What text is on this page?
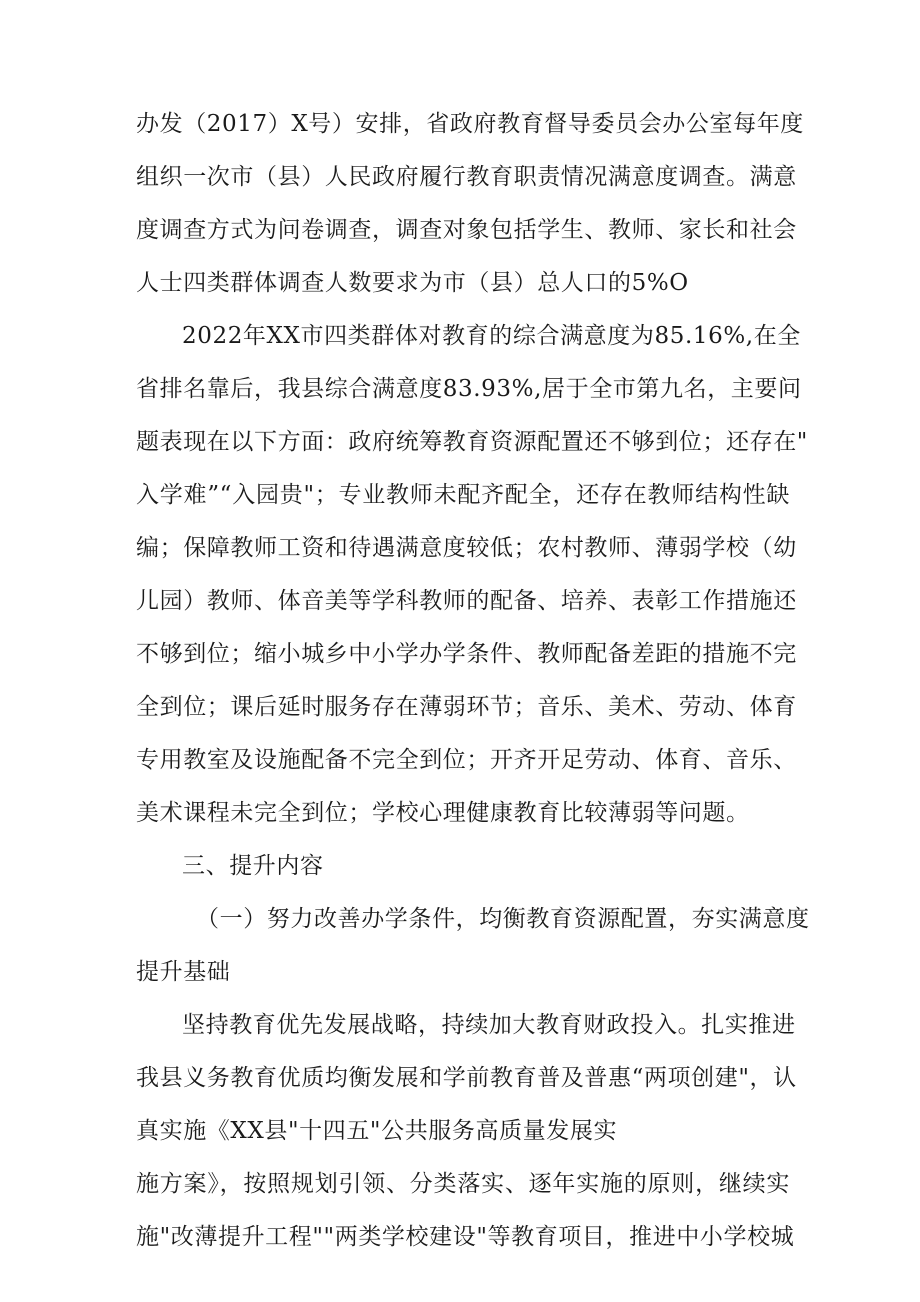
办发（2017）X号）安排，省政府教育督导委员会办公室每年度
组织一次市（县）人民政府履行教育职责情况满意度调查。满意
度调查方式为问卷调查，调查对象包括学生、教师、家长和社会
人士四类群体调查人数要求为市（县）总人口的5%O
2022年XX市四类群体对教育的综合满意度为85.16%,在全
省排名靠后，我县综合满意度83.93%,居于全市第九名，主要问
题表现在以下方面：政府统筹教育资源配置还不够到位；还存在"
入学难”“入园贵"；专业教师未配齐配全，还存在教师结构性缺
编；保障教师工资和待遇满意度较低；农村教师、薄弱学校（幼
儿园）教师、体音美等学科教师的配备、培养、表彰工作措施还
不够到位；缩小城乡中小学办学条件、教师配备差距的措施不完
全到位；课后延时服务存在薄弱环节；音乐、美术、劳动、体育
专用教室及设施配备不完全到位；开齐开足劳动、体育、音乐、
美术课程未完全到位；学校心理健康教育比较薄弱等问题。
三、提升内容
（一）努力改善办学条件，均衡教育资源配置，夯实满意度
提升基础
坚持教育优先发展战略，持续加大教育财政投入。扎实推进
我县义务教育优质均衡发展和学前教育普及普惠“两项创建"，认
真实施《XX县"十四五"公共服务高质量发展实
施方案》，按照规划引领、分类落实、逐年实施的原则，继续实
施"改薄提升工程""两类学校建设"等教育项目，推进中小学校城
